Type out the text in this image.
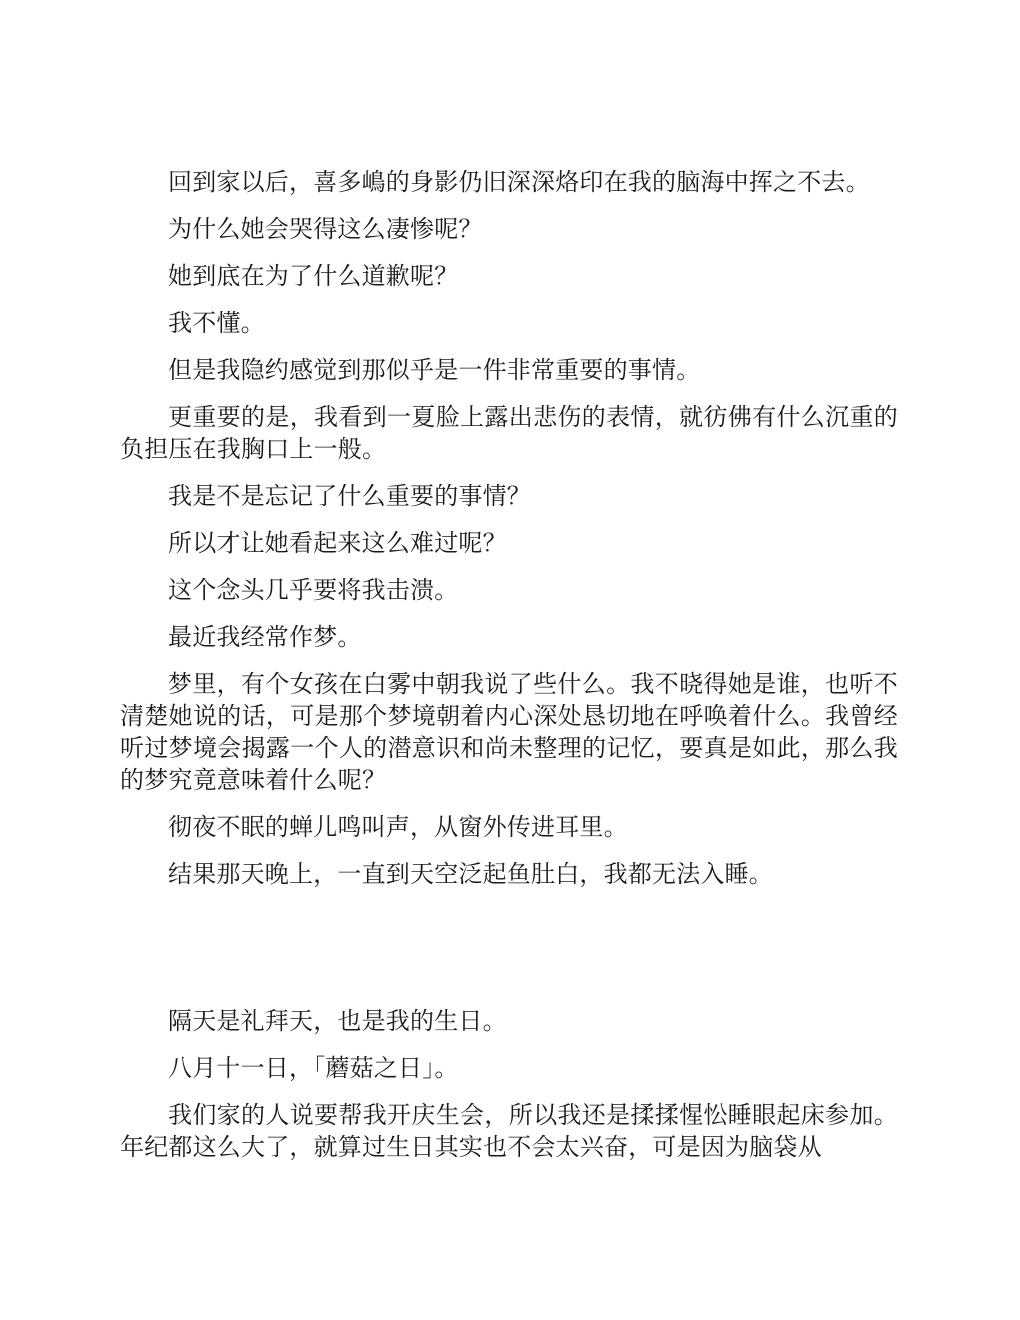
回到家以后，喜多嶋的身影仍旧深深烙印在我的脑海中挥之不去。

为什么她会哭得这么凄惨呢？

她到底在为了什么道歉呢？

我不懂。

但是我隐约感觉到那似乎是一件非常重要的事情。

更重要的是，我看到一夏脸上露出悲伤的表情，就彷佛有什么沉重的负担压在我胸口上一般。

我是不是忘记了什么重要的事情？

所以才让她看起来这么难过呢？

这个念头几乎要将我击溃。

最近我经常作梦。

梦里，有个女孩在白雾中朝我说了些什么。我不晓得她是谁，也听不清楚她说的话，可是那个梦境朝着内心深处恳切地在呼唤着什么。我曾经听过梦境会揭露一个人的潜意识和尚未整理的记忆，要真是如此，那么我的梦究竟意味着什么呢？

彻夜不眠的蝉儿鸣叫声，从窗外传进耳里。

结果那天晚上，一直到天空泛起鱼肚白，我都无法入睡。

隔天是礼拜天，也是我的生日。

八月十一日，「蘑菇之日」。

我们家的人说要帮我开庆生会，所以我还是揉揉惺忪睡眼起床参加。年纪都这么大了，就算过生日其实也不会太兴奋，可是因为脑袋从
